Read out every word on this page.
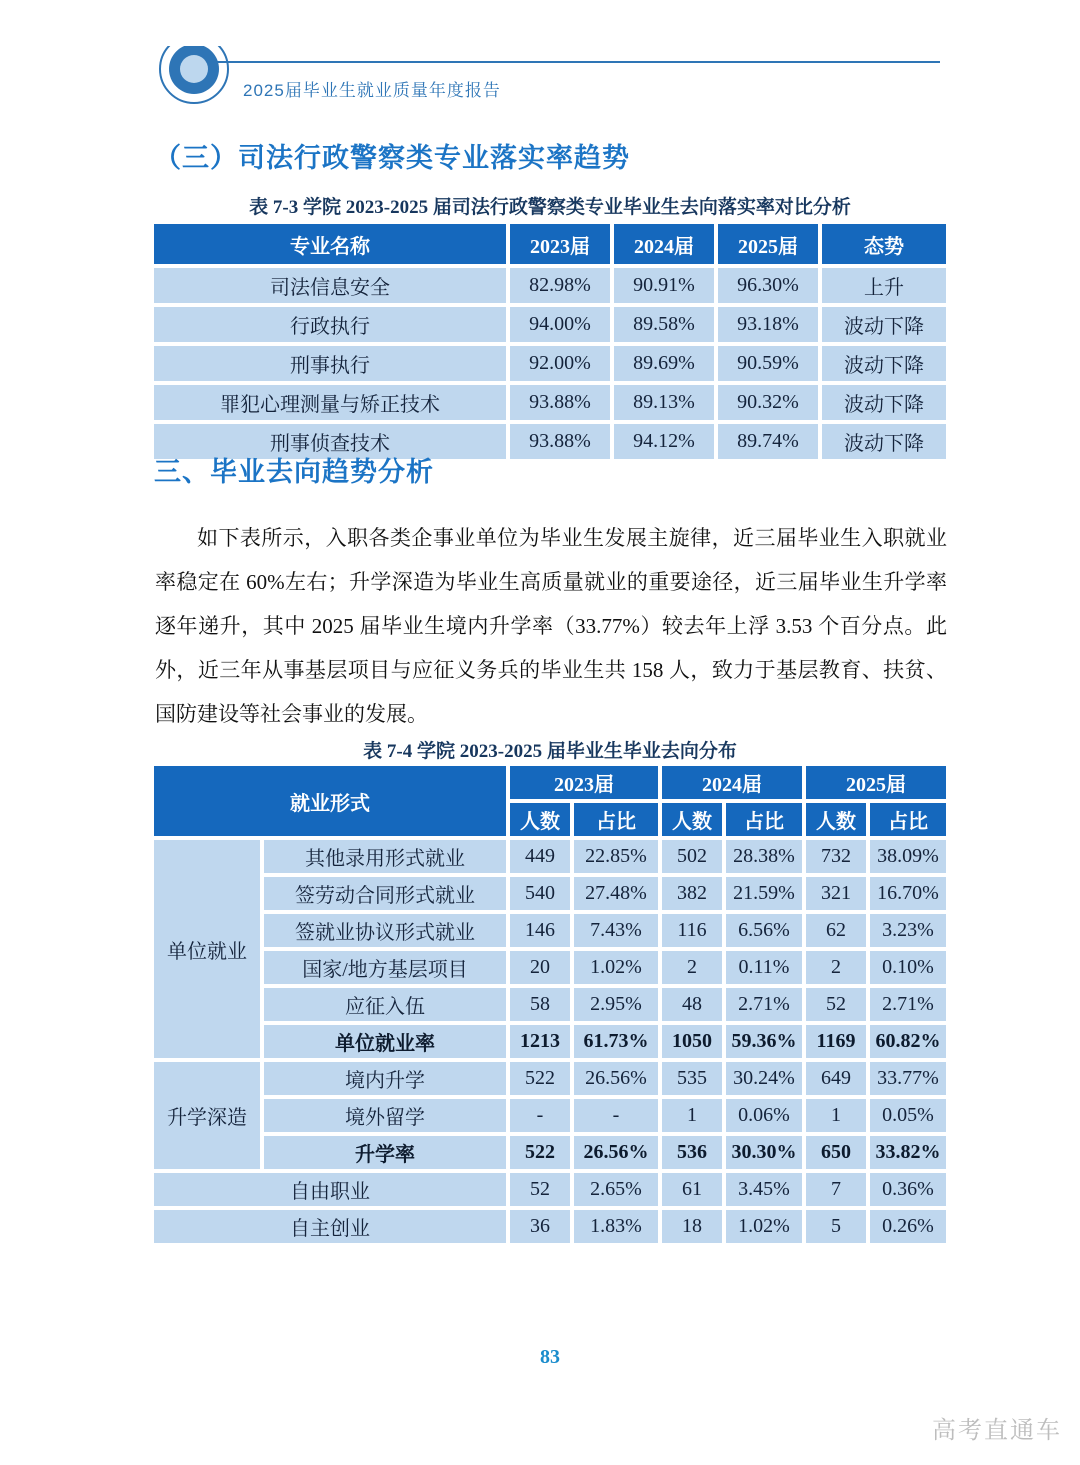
2025届毕业生就业质量年度报告
（三）司法行政警察类专业落实率趋势
表 7-3 学院 2023-2025 届司法行政警察类专业毕业生去向落实率对比分析
专业名称	2023届	2024届	2025届	态势
司法信息安全	82.98%	90.91%	96.30%	上升
行政执行	94.00%	89.58%	93.18%	波动下降
刑事执行	92.00%	89.69%	90.59%	波动下降
罪犯心理测量与矫正技术	93.88%	89.13%	90.32%	波动下降
刑事侦查技术	93.88%	94.12%	89.74%	波动下降
三、毕业去向趋势分析
如下表所示，入职各类企事业单位为毕业生发展主旋律，近三届毕业生入职就业率稳定在 60%左右；升学深造为毕业生高质量就业的重要途径，近三届毕业生升学率逐年递升，其中 2025 届毕业生境内升学率（33.77%）较去年上浮 3.53 个百分点。此外，近三年从事基层项目与应征义务兵的毕业生共 158 人，致力于基层教育、扶贫、国防建设等社会事业的发展。
表 7-4 学院 2023-2025 届毕业生毕业去向分布
就业形式		2023届		2024届		2025届	
		人数	占比	人数	占比	人数	占比
单位就业	其他录用形式就业	449	22.85%	502	28.38%	732	38.09%
	签劳动合同形式就业	540	27.48%	382	21.59%	321	16.70%
	签就业协议形式就业	146	7.43%	116	6.56%	62	3.23%
	国家/地方基层项目	20	1.02%	2	0.11%	2	0.10%
	应征入伍	58	2.95%	48	2.71%	52	2.71%
	单位就业率	1213	61.73%	1050	59.36%	1169	60.82%
升学深造	境内升学	522	26.56%	535	30.24%	649	33.77%
	境外留学	-	-	1	0.06%	1	0.05%
	升学率	522	26.56%	536	30.30%	650	33.82%
自由职业		52	2.65%	61	3.45%	7	0.36%
自主创业		36	1.83%	18	1.02%	5	0.26%
83
高考直通车
